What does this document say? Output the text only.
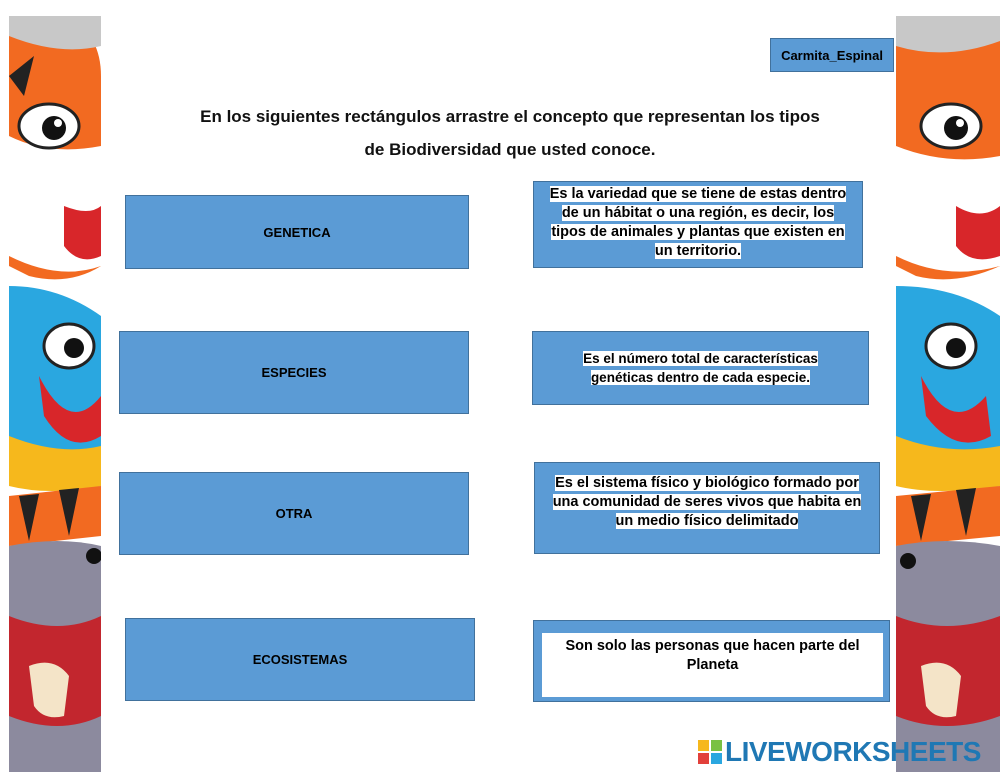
Carmita_Espinal
En los siguientes rectángulos arrastre el concepto que representan los tipos
de Biodiversidad que usted conoce.
GENETICA
ESPECIES
OTRA
ECOSISTEMAS
Es la variedad que se tiene de estas dentro
de un hábitat o una región, es decir, los
tipos de animales y plantas que existen en
un territorio.
Es el número total de características
genéticas dentro de cada especie.
Es el sistema físico y biológico formado por
una comunidad de seres vivos que habita en
un medio físico delimitado
Son solo las personas que hacen parte del
Planeta
LIVEWORKSHEETS
